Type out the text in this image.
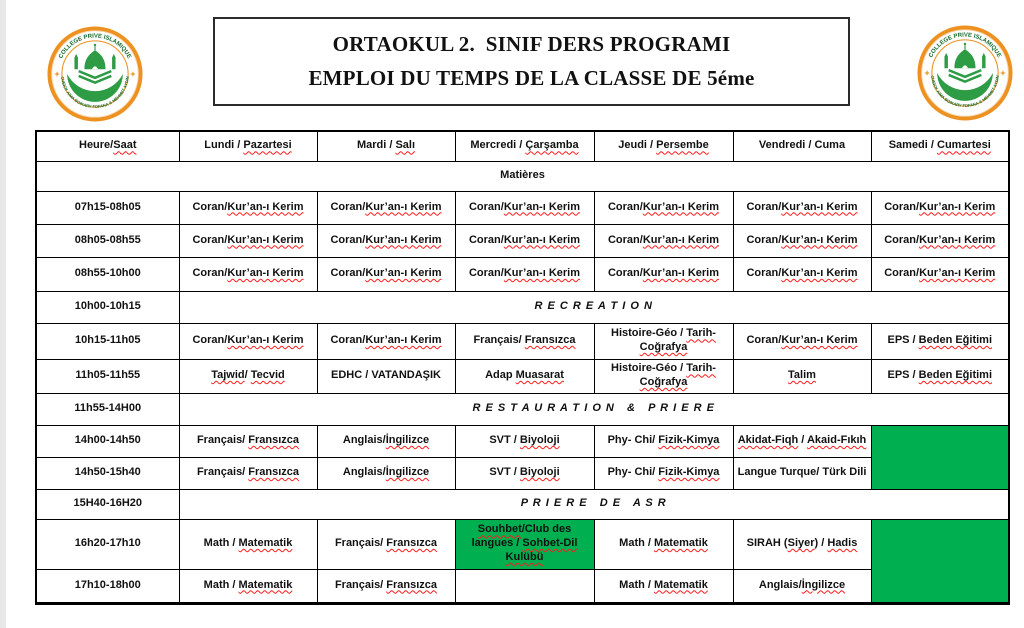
COLLEGE PRIVE ISLAMIQUE
CHEICK AIMA BOIKARY FOFANA & MEHMET AYDIN
ORTAOKUL 2.  SINIF DERS PROGRAMI
EMPLOI DU TEMPS DE LA CLASSE DE 5éme
COLLEGE PRIVE ISLAMIQUE
CHEICK AIMA BOIKARY FOFANA & MEHMET AYDIN
Heure/Saat	Lundi / Pazartesi	Mardi / Salı	Mercredi / Çarşamba	Jeudi / Persembe	Vendredi / Cuma	Samedi / Cumartesi
Matières						
07h15-08h05	Coran/Kur’an-ı Kerim	Coran/Kur’an-ı Kerim	Coran/Kur’an-ı Kerim	Coran/Kur’an-ı Kerim	Coran/Kur’an-ı Kerim	Coran/Kur’an-ı Kerim
08h05-08h55	Coran/Kur’an-ı Kerim	Coran/Kur’an-ı Kerim	Coran/Kur’an-ı Kerim	Coran/Kur’an-ı Kerim	Coran/Kur’an-ı Kerim	Coran/Kur’an-ı Kerim
08h55-10h00	Coran/Kur’an-ı Kerim	Coran/Kur’an-ı Kerim	Coran/Kur’an-ı Kerim	Coran/Kur’an-ı Kerim	Coran/Kur’an-ı Kerim	Coran/Kur’an-ı Kerim
10h00-10h15	R E C R E A T I O N					
10h15-11h05	Coran/Kur’an-ı Kerim	Coran/Kur’an-ı Kerim	Français/ Fransızca	Histoire-Géo / Tarih-Coğrafya	Coran/Kur’an-ı Kerim	EPS / Beden Eğitimi
11h05-11h55	Tajwid/ Tecvid	EDHC / VATANDAŞIK	Adap Muasarat	Histoire-Géo / Tarih-Coğrafya	Talim	EPS / Beden Eğitimi
11h55-14H00	R E S T A U R A T I O N   &   P R I E R E					
14h00-14h50	Français/ Fransızca	Anglais/İngilizce	SVT / Biyoloji	Phy- Chi/ Fizik-Kimya	Akidat-Fiqh / Akaid-Fıkıh	
14h50-15h40	Français/ Fransızca	Anglais/İngilizce	SVT / Biyoloji	Phy- Chi/ Fizik-Kimya	Langue Turque/ Türk Dili	
15H40-16H20	P R I E R E   D E   A S R					
16h20-17h10	Math / Matematik	Français/ Fransızca	Souhbet/Club des langues / Sohbet-Dil Kulübü	Math / Matematik	SIRAH (Siyer) / Hadis	
17h10-18h00	Math / Matematik	Français/ Fransızca		Math / Matematik	Anglais/İngilizce	
